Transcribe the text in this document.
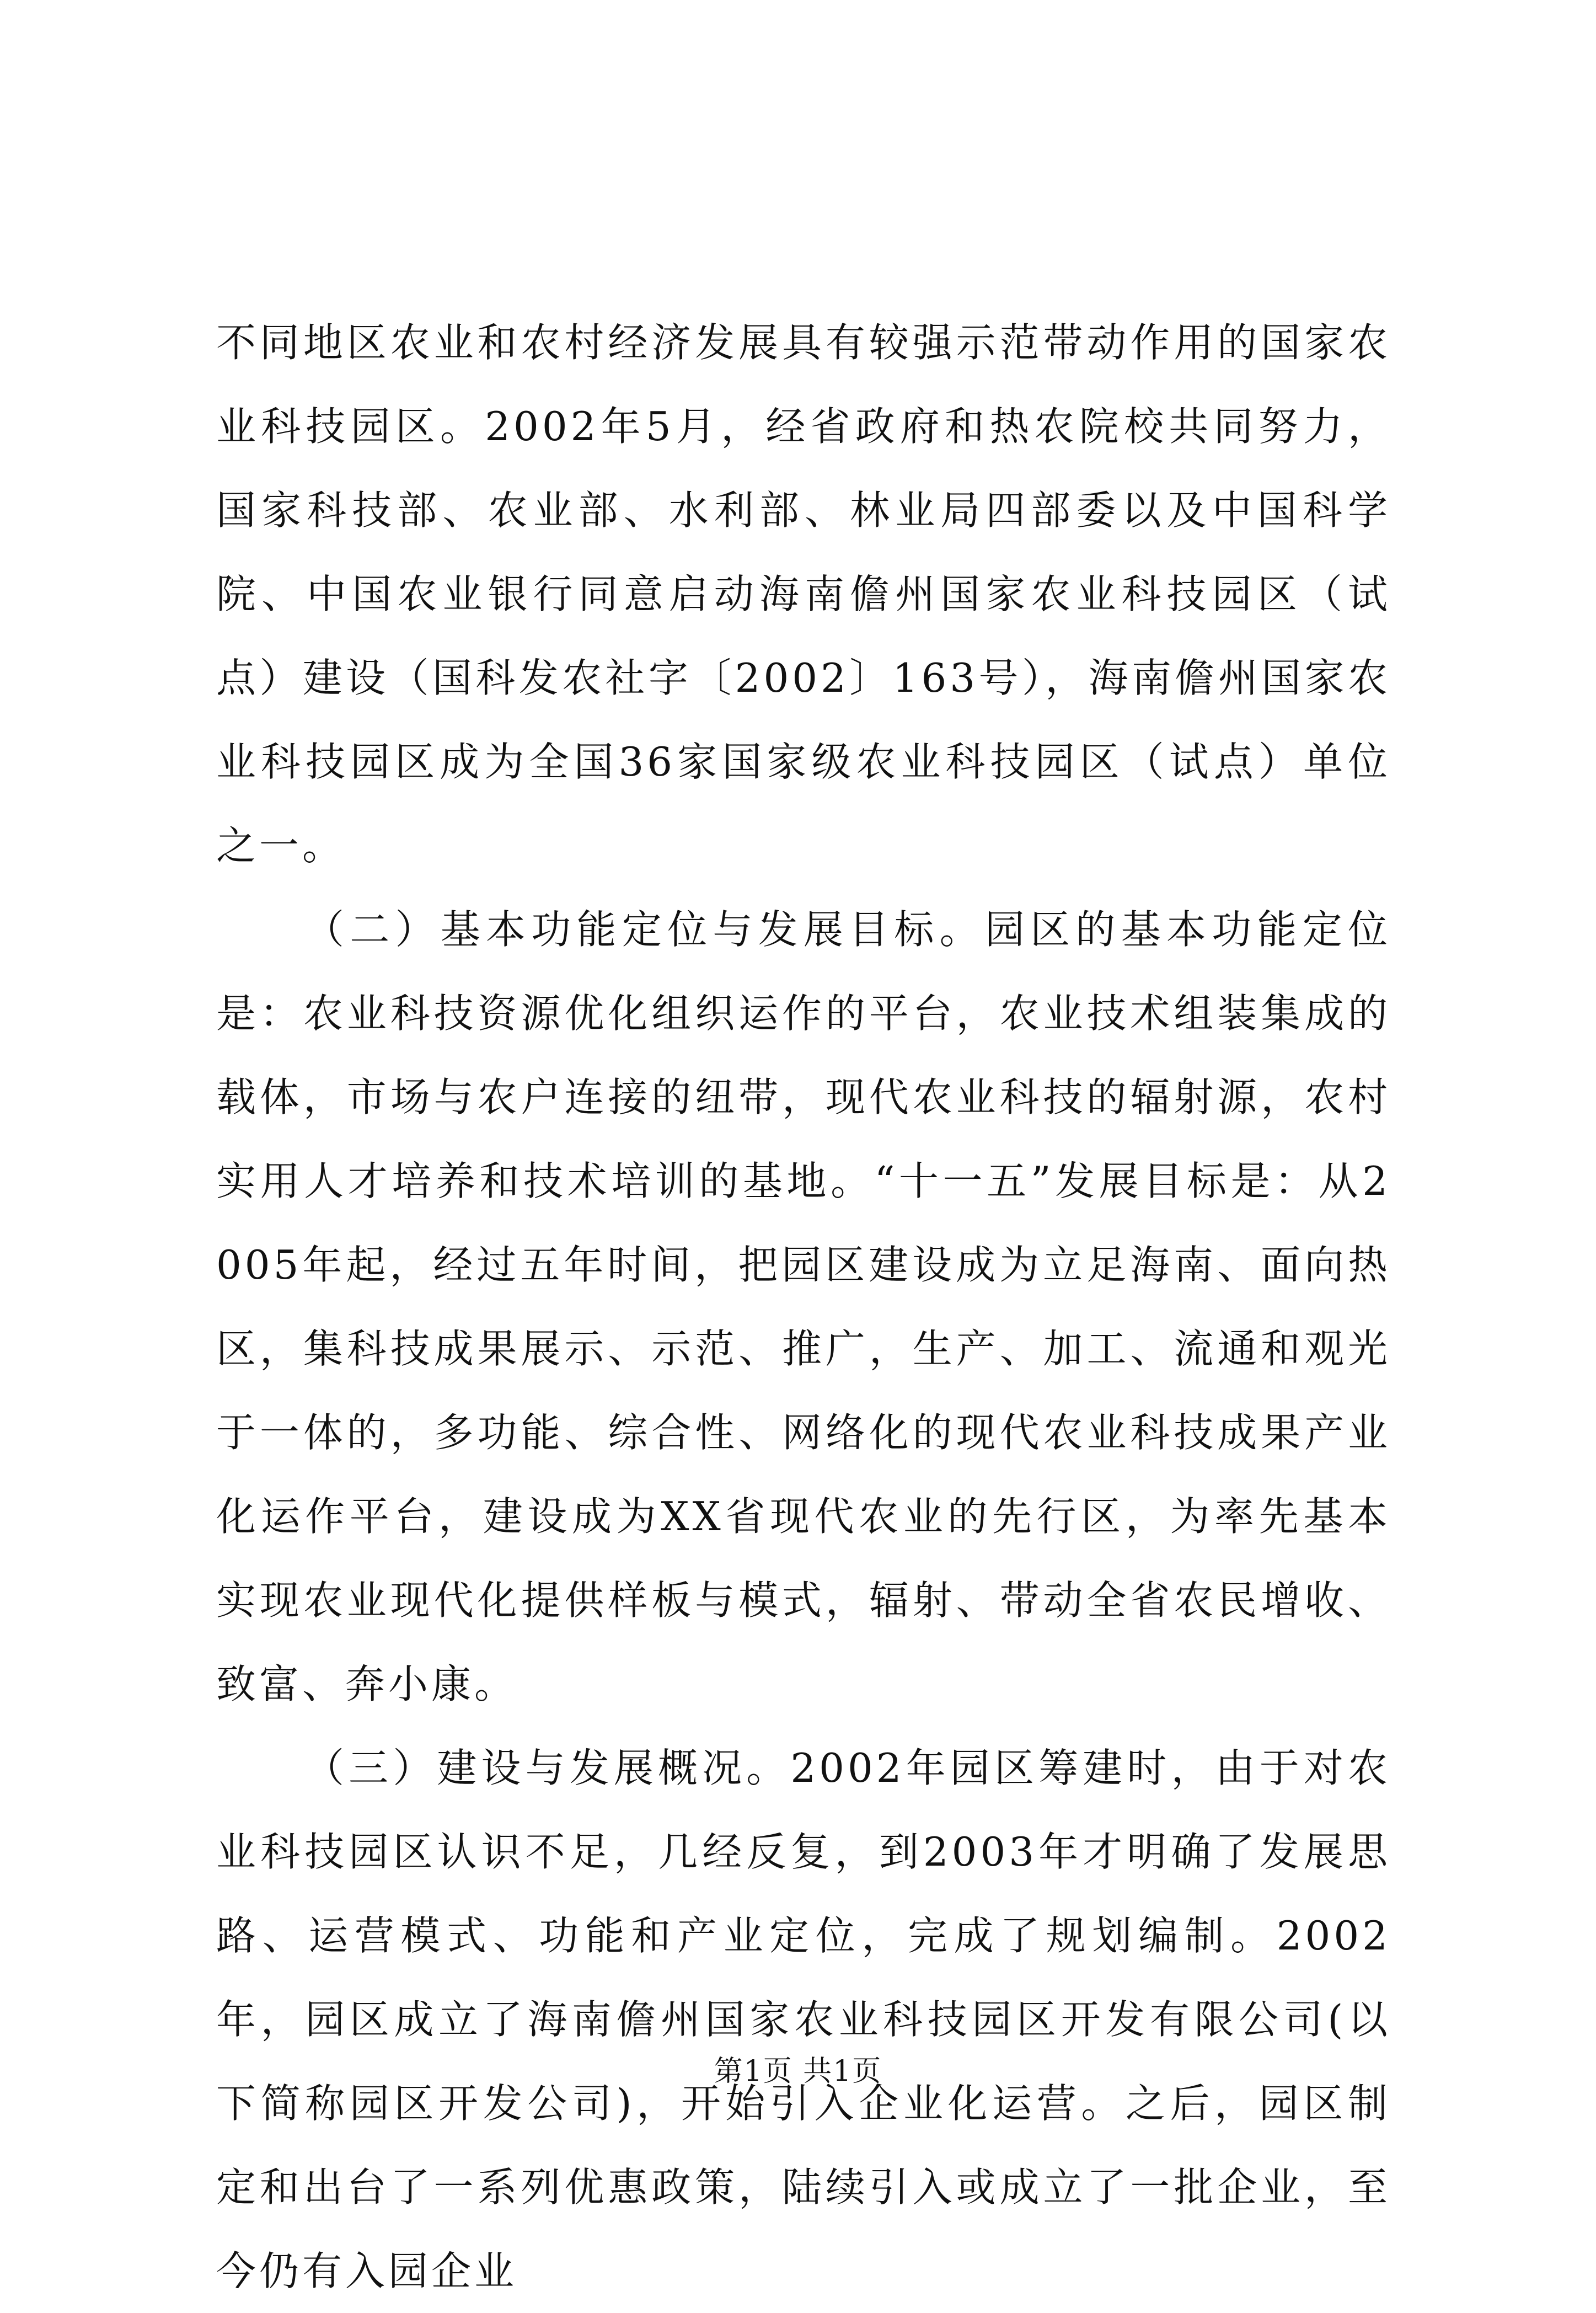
不同地区农业和农村经济发展具有较强示范带动作用的国家农业科技园区。2002年5月，经省政府和热农院校共同努力，国家科技部、农业部、水利部、林业局四部委以及中国科学院、中国农业银行同意启动海南儋州国家农业科技园区（试点）建设（国科发农社字〔2002〕163号），海南儋州国家农业科技园区成为全国36家国家级农业科技园区（试点）单位之一。

（二）基本功能定位与发展目标。园区的基本功能定位是：农业科技资源优化组织运作的平台，农业技术组装集成的载体，市场与农户连接的纽带，现代农业科技的辐射源，农村实用人才培养和技术培训的基地。“十一五”发展目标是：从2005年起，经过五年时间，把园区建设成为立足海南、面向热区，集科技成果展示、示范、推广，生产、加工、流通和观光于一体的，多功能、综合性、网络化的现代农业科技成果产业化运作平台，建设成为XX省现代农业的先行区，为率先基本实现农业现代化提供样板与模式，辐射、带动全省农民增收、致富、奔小康。

（三）建设与发展概况。2002年园区筹建时，由于对农业科技园区认识不足，几经反复，到2003年才明确了发展思路、运营模式、功能和产业定位，完成了规划编制。2002年，园区成立了海南儋州国家农业科技园区开发有限公司(以下简称园区开发公司)，开始引入企业化运营。之后，园区制定和出台了一系列优惠政策，陆续引入或成立了一批企业，至今仍有入园企业

第1页 共1页
